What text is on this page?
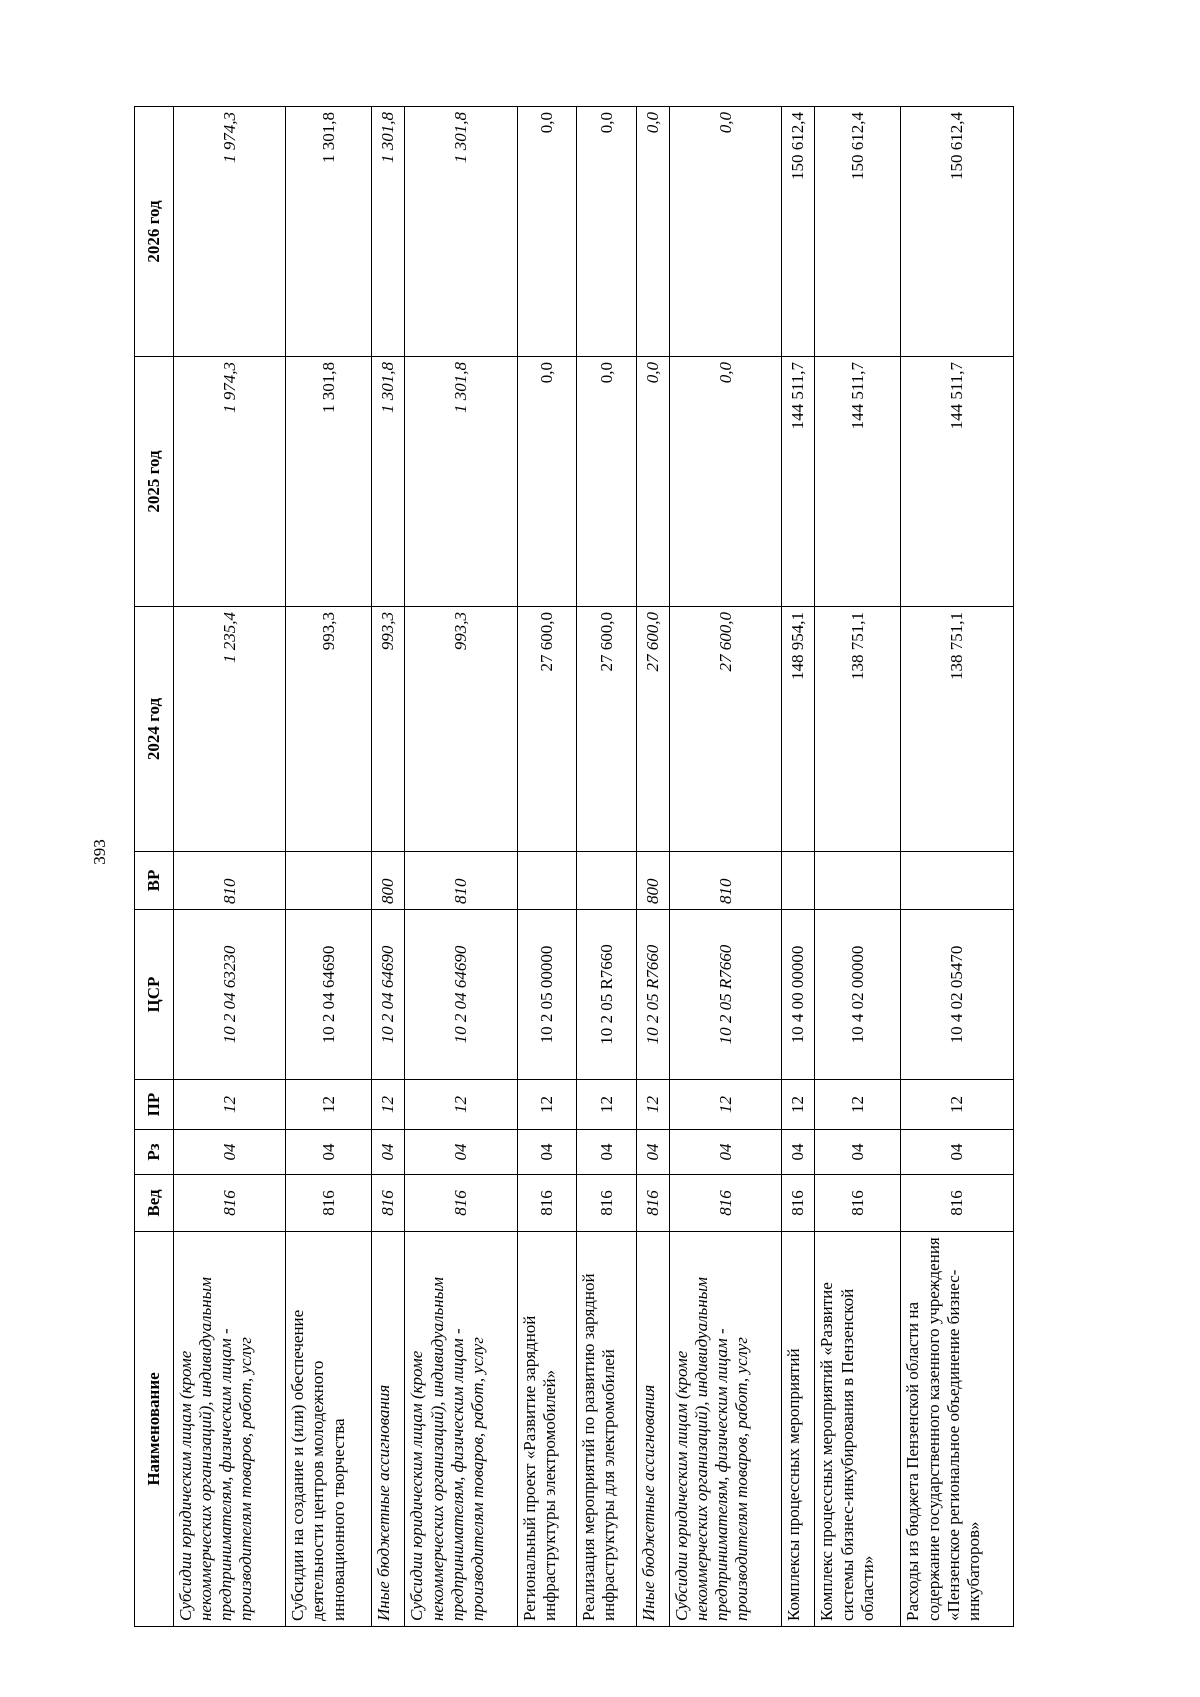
393
Наименование	Вед	Рз	ПР	ЦСР	ВР	2024 год	2025 год	2026 год
Субсидии юридическим лицам (кроме некоммерческих организаций), индивидуальным предпринимателям, физическим лицам - производителям товаров, работ, услуг	816	04	12	10 2 04 63230	810	1 235,4	1 974,3	1 974,3
Субсидии на создание и (или) обеспечение деятельности центров молодежного инновационного творчества	816	04	12	10 2 04 64690		993,3	1 301,8	1 301,8
Иные бюджетные ассигнования	816	04	12	10 2 04 64690	800	993,3	1 301,8	1 301,8
Субсидии юридическим лицам (кроме некоммерческих организаций), индивидуальным предпринимателям, физическим лицам - производителям товаров, работ, услуг	816	04	12	10 2 04 64690	810	993,3	1 301,8	1 301,8
Региональный проект «Развитие зарядной инфраструктуры электромобилей»	816	04	12	10 2 05 00000		27 600,0	0,0	0,0
Реализация мероприятий по развитию зарядной инфраструктуры для электромобилей	816	04	12	10 2 05 R7660		27 600,0	0,0	0,0
Иные бюджетные ассигнования	816	04	12	10 2 05 R7660	800	27 600,0	0,0	0,0
Субсидии юридическим лицам (кроме некоммерческих организаций), индивидуальным предпринимателям, физическим лицам - производителям товаров, работ, услуг	816	04	12	10 2 05 R7660	810	27 600,0	0,0	0,0
Комплексы процессных мероприятий	816	04	12	10 4 00 00000		148 954,1	144 511,7	150 612,4
Комплекс процессных мероприятий «Развитие системы бизнес-инкубирования в Пензенской области»	816	04	12	10 4 02 00000		138 751,1	144 511,7	150 612,4
Расходы из бюджета Пензенской области на содержание государственного казенного учреждения «Пензенское региональное объединение бизнес-инкубаторов»	816	04	12	10 4 02 05470		138 751,1	144 511,7	150 612,4
